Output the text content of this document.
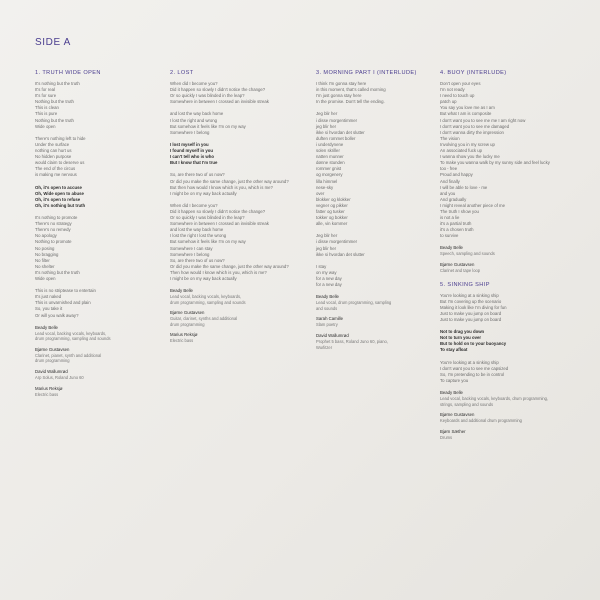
SIDE A
1. TRUTH WIDE OPEN
It's nothing but the truth
It's for real
It's for sure
Nothing but the truth
This is clean
This is pure
Nothing but the truth
Wide open
There's nothing left to hide
Under the surface
nothing can hurt us
No hidden purpose
would claim to deserve us
The end of the circus
is making me nervous
Oh, it's open to accuse
Oh, Wide open to abuse
Oh, it's open to refuse
Oh, it's nothing but truth
It's nothing to promote
There's no strategy
There's no remedy
No apology
Nothing to promote
No posing
No bragging
No filter
No shelter
It's nothing but the truth
Wide open
This is no striptease to entertain
It's just naked
This is unvarnished and plain
So, you take it
Or will you walk away?
Beady Belle
Lead vocal, backing vocals, keyboards,
drum programming, sampling and sounds
Bjørne Gustavsen
Clarinet, pianet, synth and additional
drum programming
David Wallumrød
Arp Solus, Roland Juno 60
Marius Reksjø
Electric bass
2. LOST
When did I become you?
Did it happen so slowly I didn't notice the change?
Or so quickly I was blinded in the leap?
Somewhere in between I crossed an invisible streak
and lost the way back home
I lost the right and wrong
But somehow it feels like I'm on my way
Somewhere I belong
I lost myself in you
I found myself in you
I can't tell who is who
But I know that I'm true
So, are there two of us now?
Or did you make the same change, just the other way around?
But then how would I know which is you, which is me?
I might be on my way back actually
When did I become you?
Did it happen so slowly I didn't notice the change?
Or so quickly I was blinded in the leap?
Somewhere in between I crossed an invisible streak
and lost the way back home
I lost the right I lost the wrong
But somehow it feels like I'm on my way
Somewhere I can stay
Somewhere I belong
So, are there two of us now?
Or did you make the same change, just the other way around?
Then how would I know which is you, which is me?
I might be on my way back actually
Beady Belle
Lead vocal, backing vocals, keyboards,
drum programming, sampling and sounds
Bjørne Gustavsen
Guitar, clarinet, synths and additional
drum programming
Marius Reksjø
Electric bass
3. MORNING PART I (INTERLUDE)
I think I'm gonna stay here
in this moment, that's called morning
I'm just gonna stay here
In the promise. Don't tell the ending.
Jeg blir her
i disse morgentimmer
jeg blir her
ikke si hvordan det slutter
duften rommet boller
i underdynene
solen skriller
natten munner
dønne stunden
rommer gnist
og morgenery
lilla himmel
nese-sky
over
blokker og klokker
vegner og pikker
fatter og tusker
tokker og bokker
alle, vin kommer
Jeg blir her
i disse morgentimmer
jeg blir her
ikke si hvordan det slutter
I stay
on my way
for a new day
for a new day
Beady Belle
Lead vocal, drum programming, sampling
and sounds
Sarah Camille
Slam poetry
David Wallumrød
Prophet 5 bass, Roland Juno 60, piano,
Wurlitzer
4. BUOY (INTERLUDE)
Don't open your eyes
I'm not ready
I need to touch up
patch up
You say you love me as I am
But what I am is composite
I don't want you to see me me I am right now
I don't want you to see me damaged
I don't wanna dirty the impression
The vision
Involving you in my screw up
An associated fuck up
I wanna show you the lucky me
To make you wanna walk by my sunny side and feel lucky
too - free
Proud and happy
And finally
I will be able to love - me
and you
And gradually
I might reveal another piece of me
The truth I show you
is not a lie
it's a partial truth
it's a chosen truth
to survive
Beady Belle
Speech, sampling and sounds
Bjørne Gustavsen
Clarinet and tape loop
5. SINKING SHIP
You're looking at a sinking ship
But I'm covering up the scenario
Making it look like I'm diving for fun
Just to make you jump on board
Just to make you jump on board
Not to drag you down
Not to turn you over
But to hold on to your buoyancy
To stay afloat
You're looking at a sinking ship
I don't want you to see me capsized
So, I'm pretending to be in control
To capture you
Beady Belle
Lead vocal, backing vocals, keyboards, drum programming,
strings, sampling and sounds
Bjørne Gustavsen
Keyboards and additional drum programming
Bjørn Sæther
Drums
